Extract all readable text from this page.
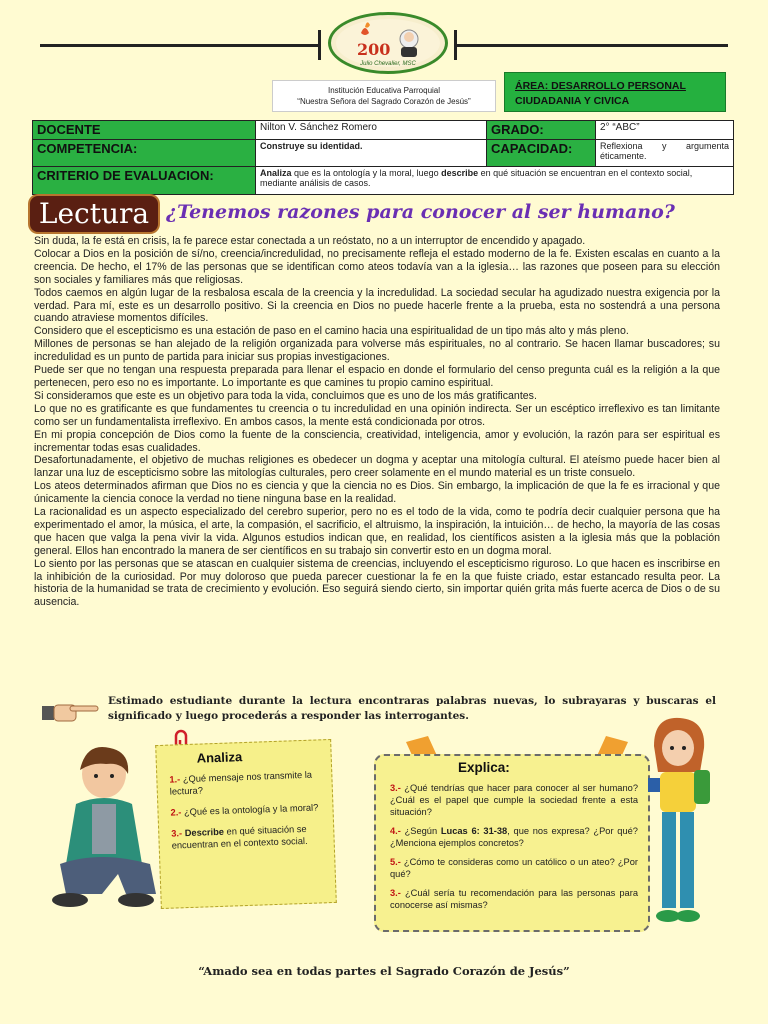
200
Julio Chevalier, MSC
Institución Educativa Parroquial
“Nuestra Señora del Sagrado Corazón de Jesús”
ÁREA: DESARROLLO PERSONAL
CIUDADANIA Y CIVICA
DOCENTE	Nilton V. Sánchez Romero	GRADO:	2° “ABC”
COMPETENCIA:	Construye su identidad.	CAPACIDAD:	Reflexiona y argumenta éticamente.
CRITERIO DE EVALUACION:	Analiza que es la ontología y la moral, luego describe en qué situación se encuentran en el contexto social, mediante análisis de casos.		
Lectura ¿Tenemos razones para conocer al ser humano?

Sin duda, la fe está en crisis, la fe parece estar conectada a un reóstato, no a un interruptor de encendido y apagado.

Colocar a Dios en la posición de sí/no, creencia/incredulidad, no precisamente refleja el estado moderno de la fe. Existen escalas en cuanto a la creencia. De hecho, el 17% de las personas que se identifican como ateos todavía van a la iglesia… las razones que poseen para su elección son sociales y familiares más que religiosas.

Todos caemos en algún lugar de la resbalosa escala de la creencia y la incredulidad. La sociedad secular ha agudizado nuestra exigencia por la verdad. Para mí, este es un desarrollo positivo. Si la creencia en Dios no puede hacerle frente a la prueba, esta no sostendrá a una persona cuando atraviese momentos difíciles.

Considero que el escepticismo es una estación de paso en el camino hacia una espiritualidad de un tipo más alto y más pleno.

Millones de personas se han alejado de la religión organizada para volverse más espirituales, no al contrario. Se hacen llamar buscadores; su incredulidad es un punto de partida para iniciar sus propias investigaciones.

Puede ser que no tengan una respuesta preparada para llenar el espacio en donde el formulario del censo pregunta cuál es la religión a la que pertenecen, pero eso no es importante. Lo importante es que camines tu propio camino espiritual.

Si consideramos que este es un objetivo para toda la vida, concluimos que es uno de los más gratificantes.

Lo que no es gratificante es que fundamentes tu creencia o tu incredulidad en una opinión indirecta. Ser un escéptico irreflexivo es tan limitante como ser un fundamentalista irreflexivo. En ambos casos, la mente está condicionada por otros.

En mi propia concepción de Dios como la fuente de la consciencia, creatividad, inteligencia, amor y evolución, la razón para ser espiritual es incrementar todas esas cualidades.

Desafortunadamente, el objetivo de muchas religiones es obedecer un dogma y aceptar una mitología cultural. El ateísmo puede hacer bien al lanzar una luz de escepticismo sobre las mitologías culturales, pero creer solamente en el mundo material es un triste consuelo.

Los ateos determinados afirman que Dios no es ciencia y que la ciencia no es Dios. Sin embargo, la implicación de que la fe es irracional y que únicamente la ciencia conoce la verdad no tiene ninguna base en la realidad.

La racionalidad es un aspecto especializado del cerebro superior, pero no es el todo de la vida, como te podría decir cualquier persona que ha experimentado el amor, la música, el arte, la compasión, el sacrificio, el altruismo, la inspiración, la intuición… de hecho, la mayoría de las cosas que hacen que valga la pena vivir la vida. Algunos estudios indican que, en realidad, los científicos asisten a la iglesia más que la población general. Ellos han encontrado la manera de ser científicos en su trabajo sin convertir esto en un dogma moral.

Lo siento por las personas que se atascan en cualquier sistema de creencias, incluyendo el escepticismo riguroso. Lo que hacen es inscribirse en la inhibición de la curiosidad. Por muy doloroso que pueda parecer cuestionar la fe en la que fuiste criado, estar estancado resulta peor. La historia de la humanidad se trata de crecimiento y evolución. Eso seguirá siendo cierto, sin importar quién grita más fuerte acerca de Dios o de su ausencia.

Estimado estudiante durante la lectura encontraras palabras nuevas, lo subrayaras y buscaras el significado y luego procederás a responder las interrogantes.
Analiza
1.- ¿Qué mensaje nos transmite la lectura?
2.- ¿Qué es la ontología y la moral?
3.- Describe en qué situación se encuentran en el contexto social.
Explica:
3.- ¿Qué tendrías que hacer para conocer al ser humano? ¿Cuál es el papel que cumple la sociedad frente a esta situación?
4.- ¿Según Lucas 6: 31-38, que nos expresa? ¿Por qué? ¿Menciona ejemplos concretos?
5.- ¿Cómo te consideras como un católico o un ateo? ¿Por qué?
3.- ¿Cuál sería tu recomendación para las personas para conocerse así mismas?
“Amado sea en todas partes el Sagrado Corazón de Jesús”
